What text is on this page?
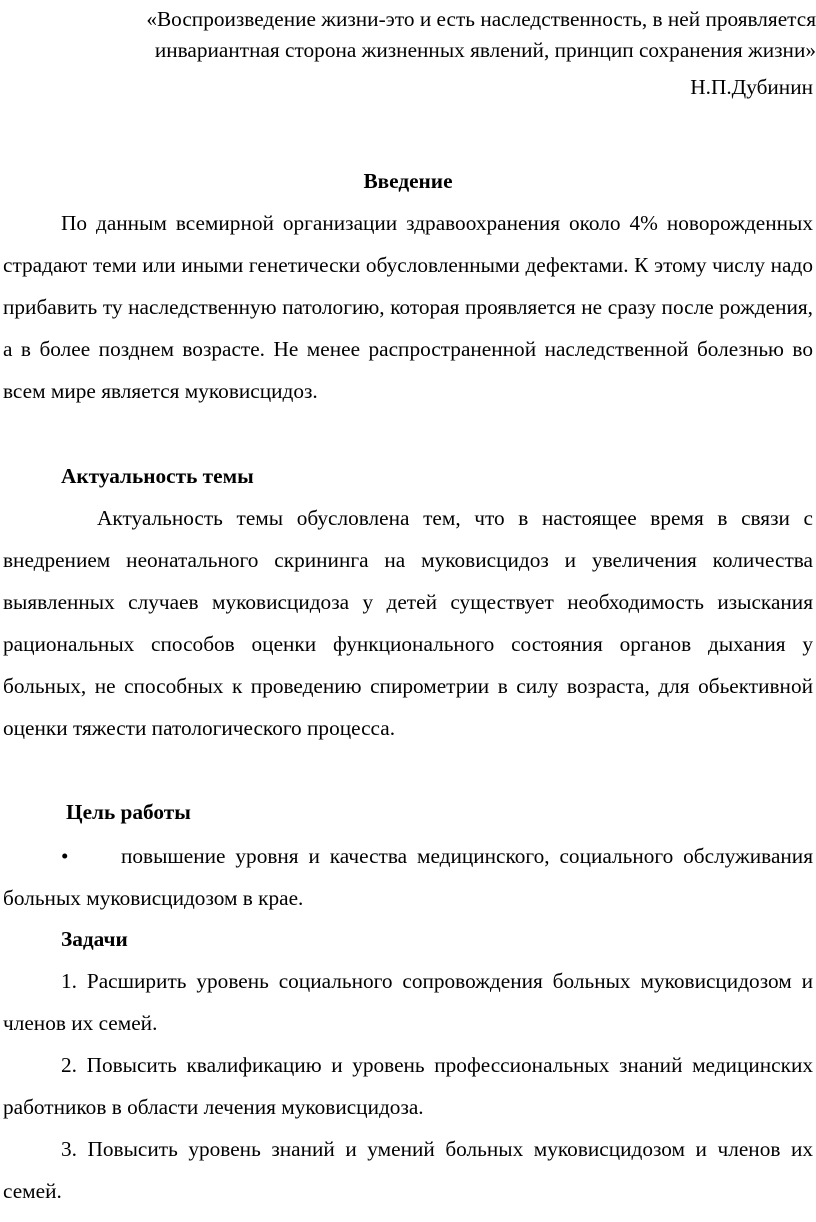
«Воспроизведение жизни-это и есть наследственность, в ней проявляется инвариантная сторона жизненных явлений, принцип сохранения жизни»

Н.П.Дубинин

Введение

По данным всемирной организации здравоохранения около 4% новорожденных страдают теми или иными генетически обусловленными дефектами. К этому числу надо прибавить ту наследственную патологию, которая проявляется не сразу после рождения, а в более позднем возрасте. Не менее распространенной наследственной болезнью во всем мире является муковисцидоз.

Актуальность темы

Актуальность темы обусловлена тем, что в настоящее время в связи с внедрением неонатального скрининга на муковисцидоз и увеличения количества выявленных случаев муковисцидоза у детей существует необходимость изыскания рациональных способов оценки функционального состояния органов дыхания у больных, не способных к проведению спирометрии в силу возраста, для обьективной оценки тяжести патологического процесса.

Цель работы

• повышение уровня и качества медицинского, социального обслуживания больных муковисцидозом в крае.

Задачи

1. Расширить уровень социального сопровождения больных муковисцидозом и членов их семей.

2. Повысить квалификацию и уровень профессиональных знаний медицинских работников в области лечения муковисцидоза.

3. Повысить уровень знаний и умений больных муковисцидозом и членов их семей.
